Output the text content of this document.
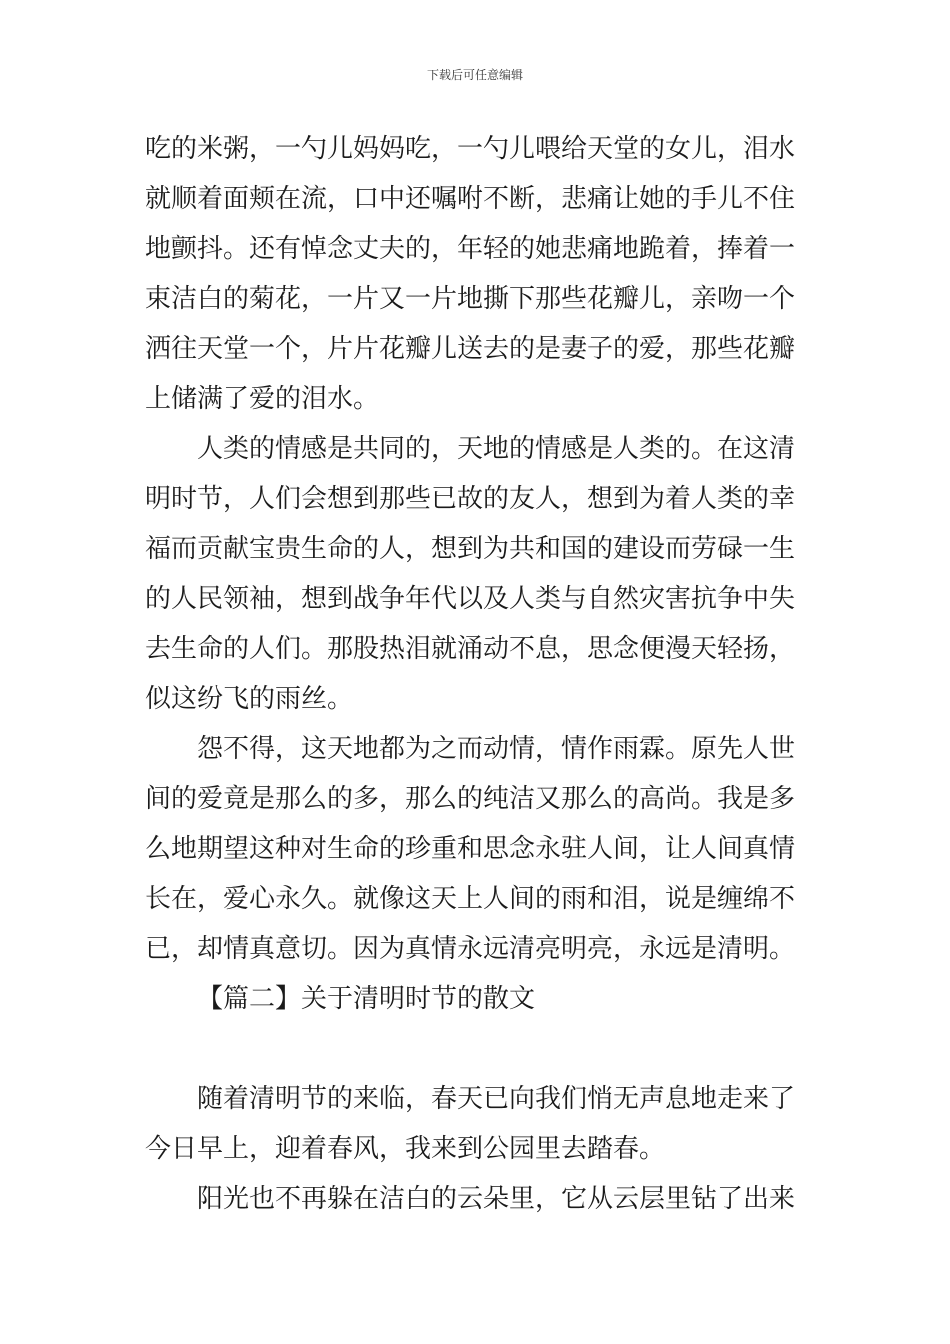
下载后可任意编辑
吃的米粥，一勺儿妈妈吃，一勺儿喂给天堂的女儿，泪水
就顺着面颊在流，口中还嘱咐不断，悲痛让她的手儿不住
地颤抖。还有悼念丈夫的，年轻的她悲痛地跪着，捧着一
束洁白的菊花，一片又一片地撕下那些花瓣儿，亲吻一个
洒往天堂一个，片片花瓣儿送去的是妻子的爱，那些花瓣
上储满了爱的泪水。
人类的情感是共同的，天地的情感是人类的。在这清
明时节，人们会想到那些已故的友人，想到为着人类的幸
福而贡献宝贵生命的人，想到为共和国的建设而劳碌一生
的人民领袖，想到战争年代以及人类与自然灾害抗争中失
去生命的人们。那股热泪就涌动不息，思念便漫天轻扬，
似这纷飞的雨丝。
怨不得，这天地都为之而动情，情作雨霖。原先人世
间的爱竟是那么的多，那么的纯洁又那么的高尚。我是多
么地期望这种对生命的珍重和思念永驻人间，让人间真情
长在，爱心永久。就像这天上人间的雨和泪，说是缠绵不
已，却情真意切。因为真情永远清亮明亮，永远是清明。
【篇二】关于清明时节的散文
随着清明节的来临，春天已向我们悄无声息地走来了
今日早上，迎着春风，我来到公园里去踏春。
阳光也不再躲在洁白的云朵里，它从云层里钻了出来
